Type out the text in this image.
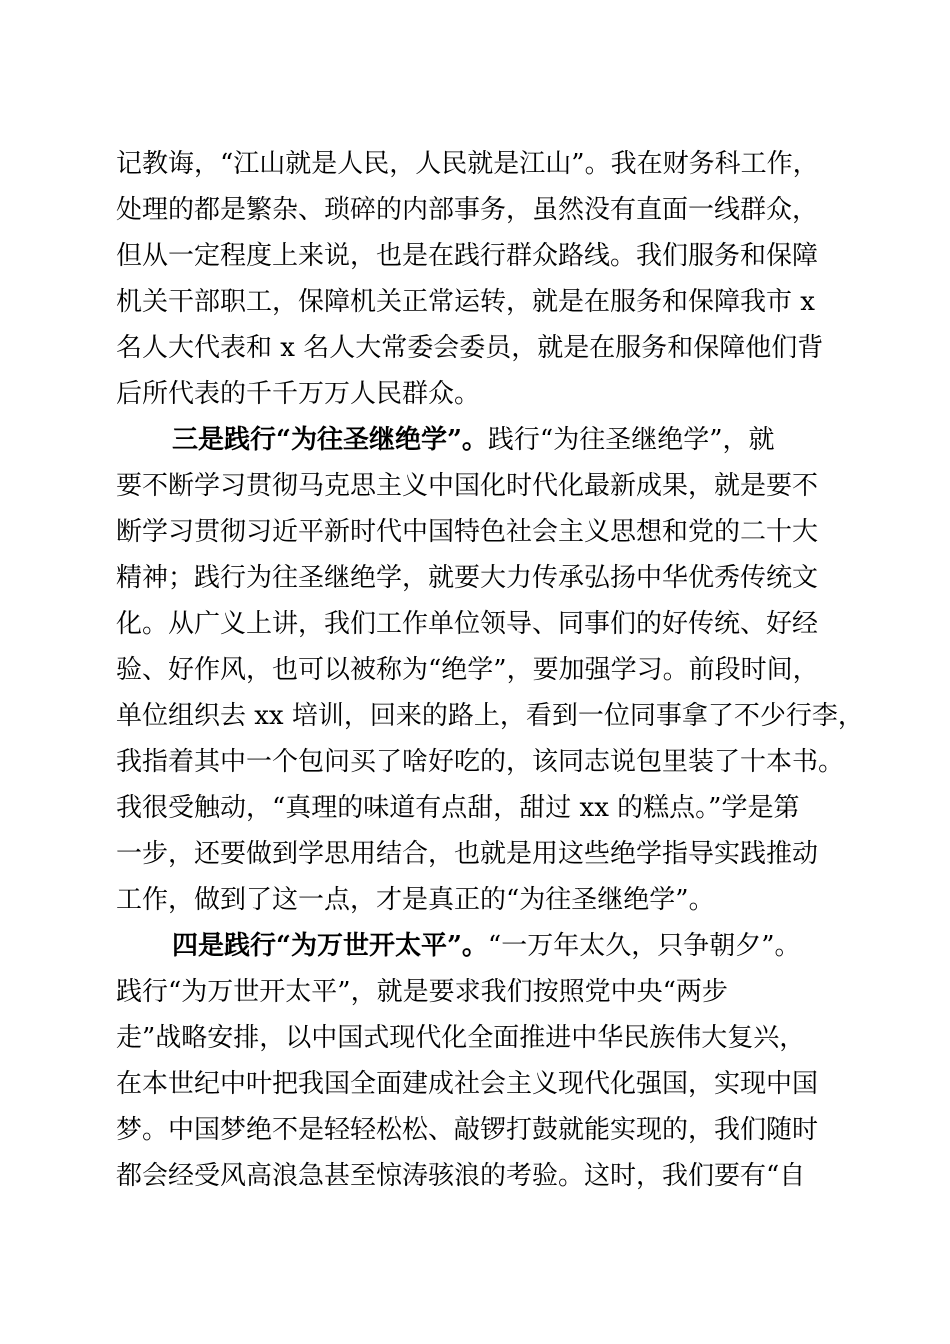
记教诲，“江山就是人民，人民就是江山”。我在财务科工作，
处理的都是繁杂、琐碎的内部事务，虽然没有直面一线群众，
但从一定程度上来说，也是在践行群众路线。我们服务和保障
机关干部职工，保障机关正常运转，就是在服务和保障我市 x
名人大代表和 x 名人大常委会委员，就是在服务和保障他们背
后所代表的千千万万人民群众。
三是践行“为往圣继绝学”。践行“为往圣继绝学”，就
要不断学习贯彻马克思主义中国化时代化最新成果，就是要不
断学习贯彻习近平新时代中国特色社会主义思想和党的二十大
精神；践行为往圣继绝学，就要大力传承弘扬中华优秀传统文
化。从广义上讲，我们工作单位领导、同事们的好传统、好经
验、好作风，也可以被称为“绝学”，要加强学习。前段时间，
单位组织去 xx 培训，回来的路上，看到一位同事拿了不少行李，
我指着其中一个包问买了啥好吃的，该同志说包里装了十本书。
我很受触动，“真理的味道有点甜，甜过 xx 的糕点。”学是第
一步，还要做到学思用结合，也就是用这些绝学指导实践推动
工作，做到了这一点，才是真正的“为往圣继绝学”。
四是践行“为万世开太平”。“一万年太久，只争朝夕”。
践行“为万世开太平”，就是要求我们按照党中央“两步
走”战略安排，以中国式现代化全面推进中华民族伟大复兴，
在本世纪中叶把我国全面建成社会主义现代化强国，实现中国
梦。中国梦绝不是轻轻松松、敲锣打鼓就能实现的，我们随时
都会经受风高浪急甚至惊涛骇浪的考验。这时，我们要有“自
